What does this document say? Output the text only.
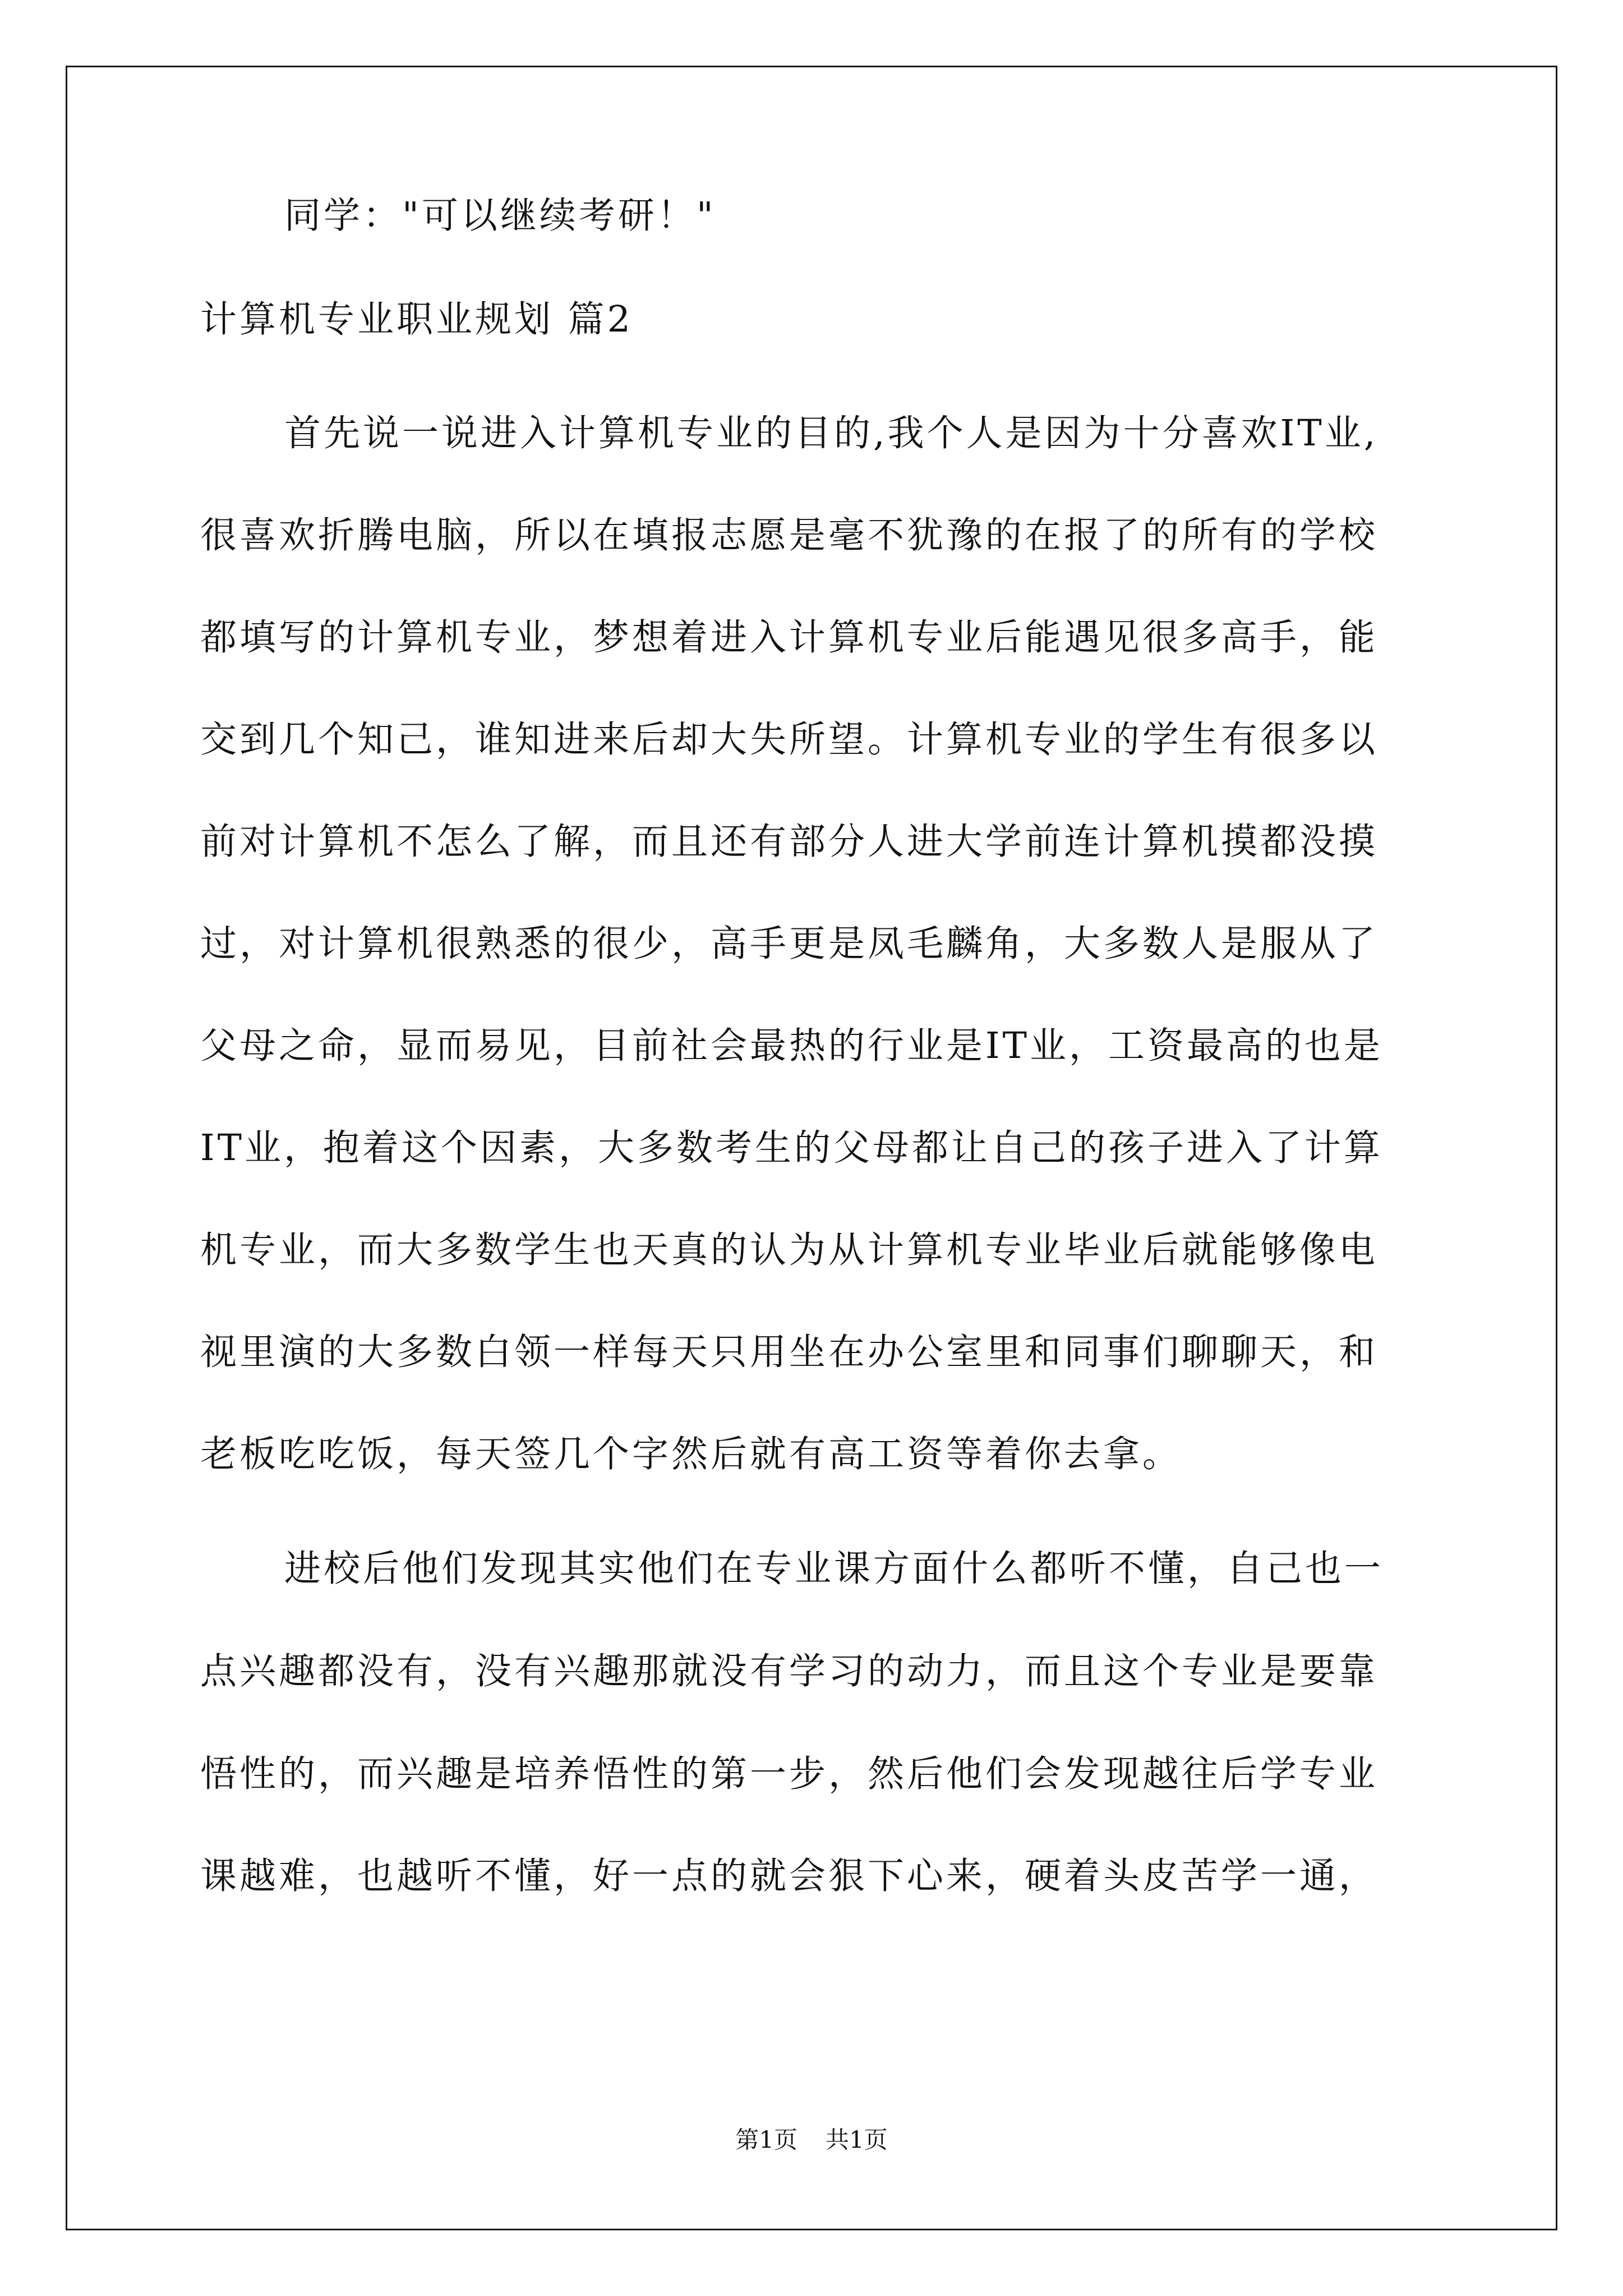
同学："可以继续考研！"
计算机专业职业规划 篇2
首先说一说进入计算机专业的目的,我个人是因为十分喜欢IT业,
很喜欢折腾电脑，所以在填报志愿是毫不犹豫的在报了的所有的学校
都填写的计算机专业，梦想着进入计算机专业后能遇见很多高手，能
交到几个知己，谁知进来后却大失所望。计算机专业的学生有很多以
前对计算机不怎么了解，而且还有部分人进大学前连计算机摸都没摸
过，对计算机很熟悉的很少，高手更是凤毛麟角，大多数人是服从了
父母之命，显而易见，目前社会最热的行业是IT业，工资最高的也是
IT业，抱着这个因素，大多数考生的父母都让自己的孩子进入了计算
机专业，而大多数学生也天真的认为从计算机专业毕业后就能够像电
视里演的大多数白领一样每天只用坐在办公室里和同事们聊聊天，和
老板吃吃饭，每天签几个字然后就有高工资等着你去拿。
进校后他们发现其实他们在专业课方面什么都听不懂，自己也一
点兴趣都没有，没有兴趣那就没有学习的动力，而且这个专业是要靠
悟性的，而兴趣是培养悟性的第一步，然后他们会发现越往后学专业
课越难，也越听不懂，好一点的就会狠下心来，硬着头皮苦学一通，
第1页 共1页
